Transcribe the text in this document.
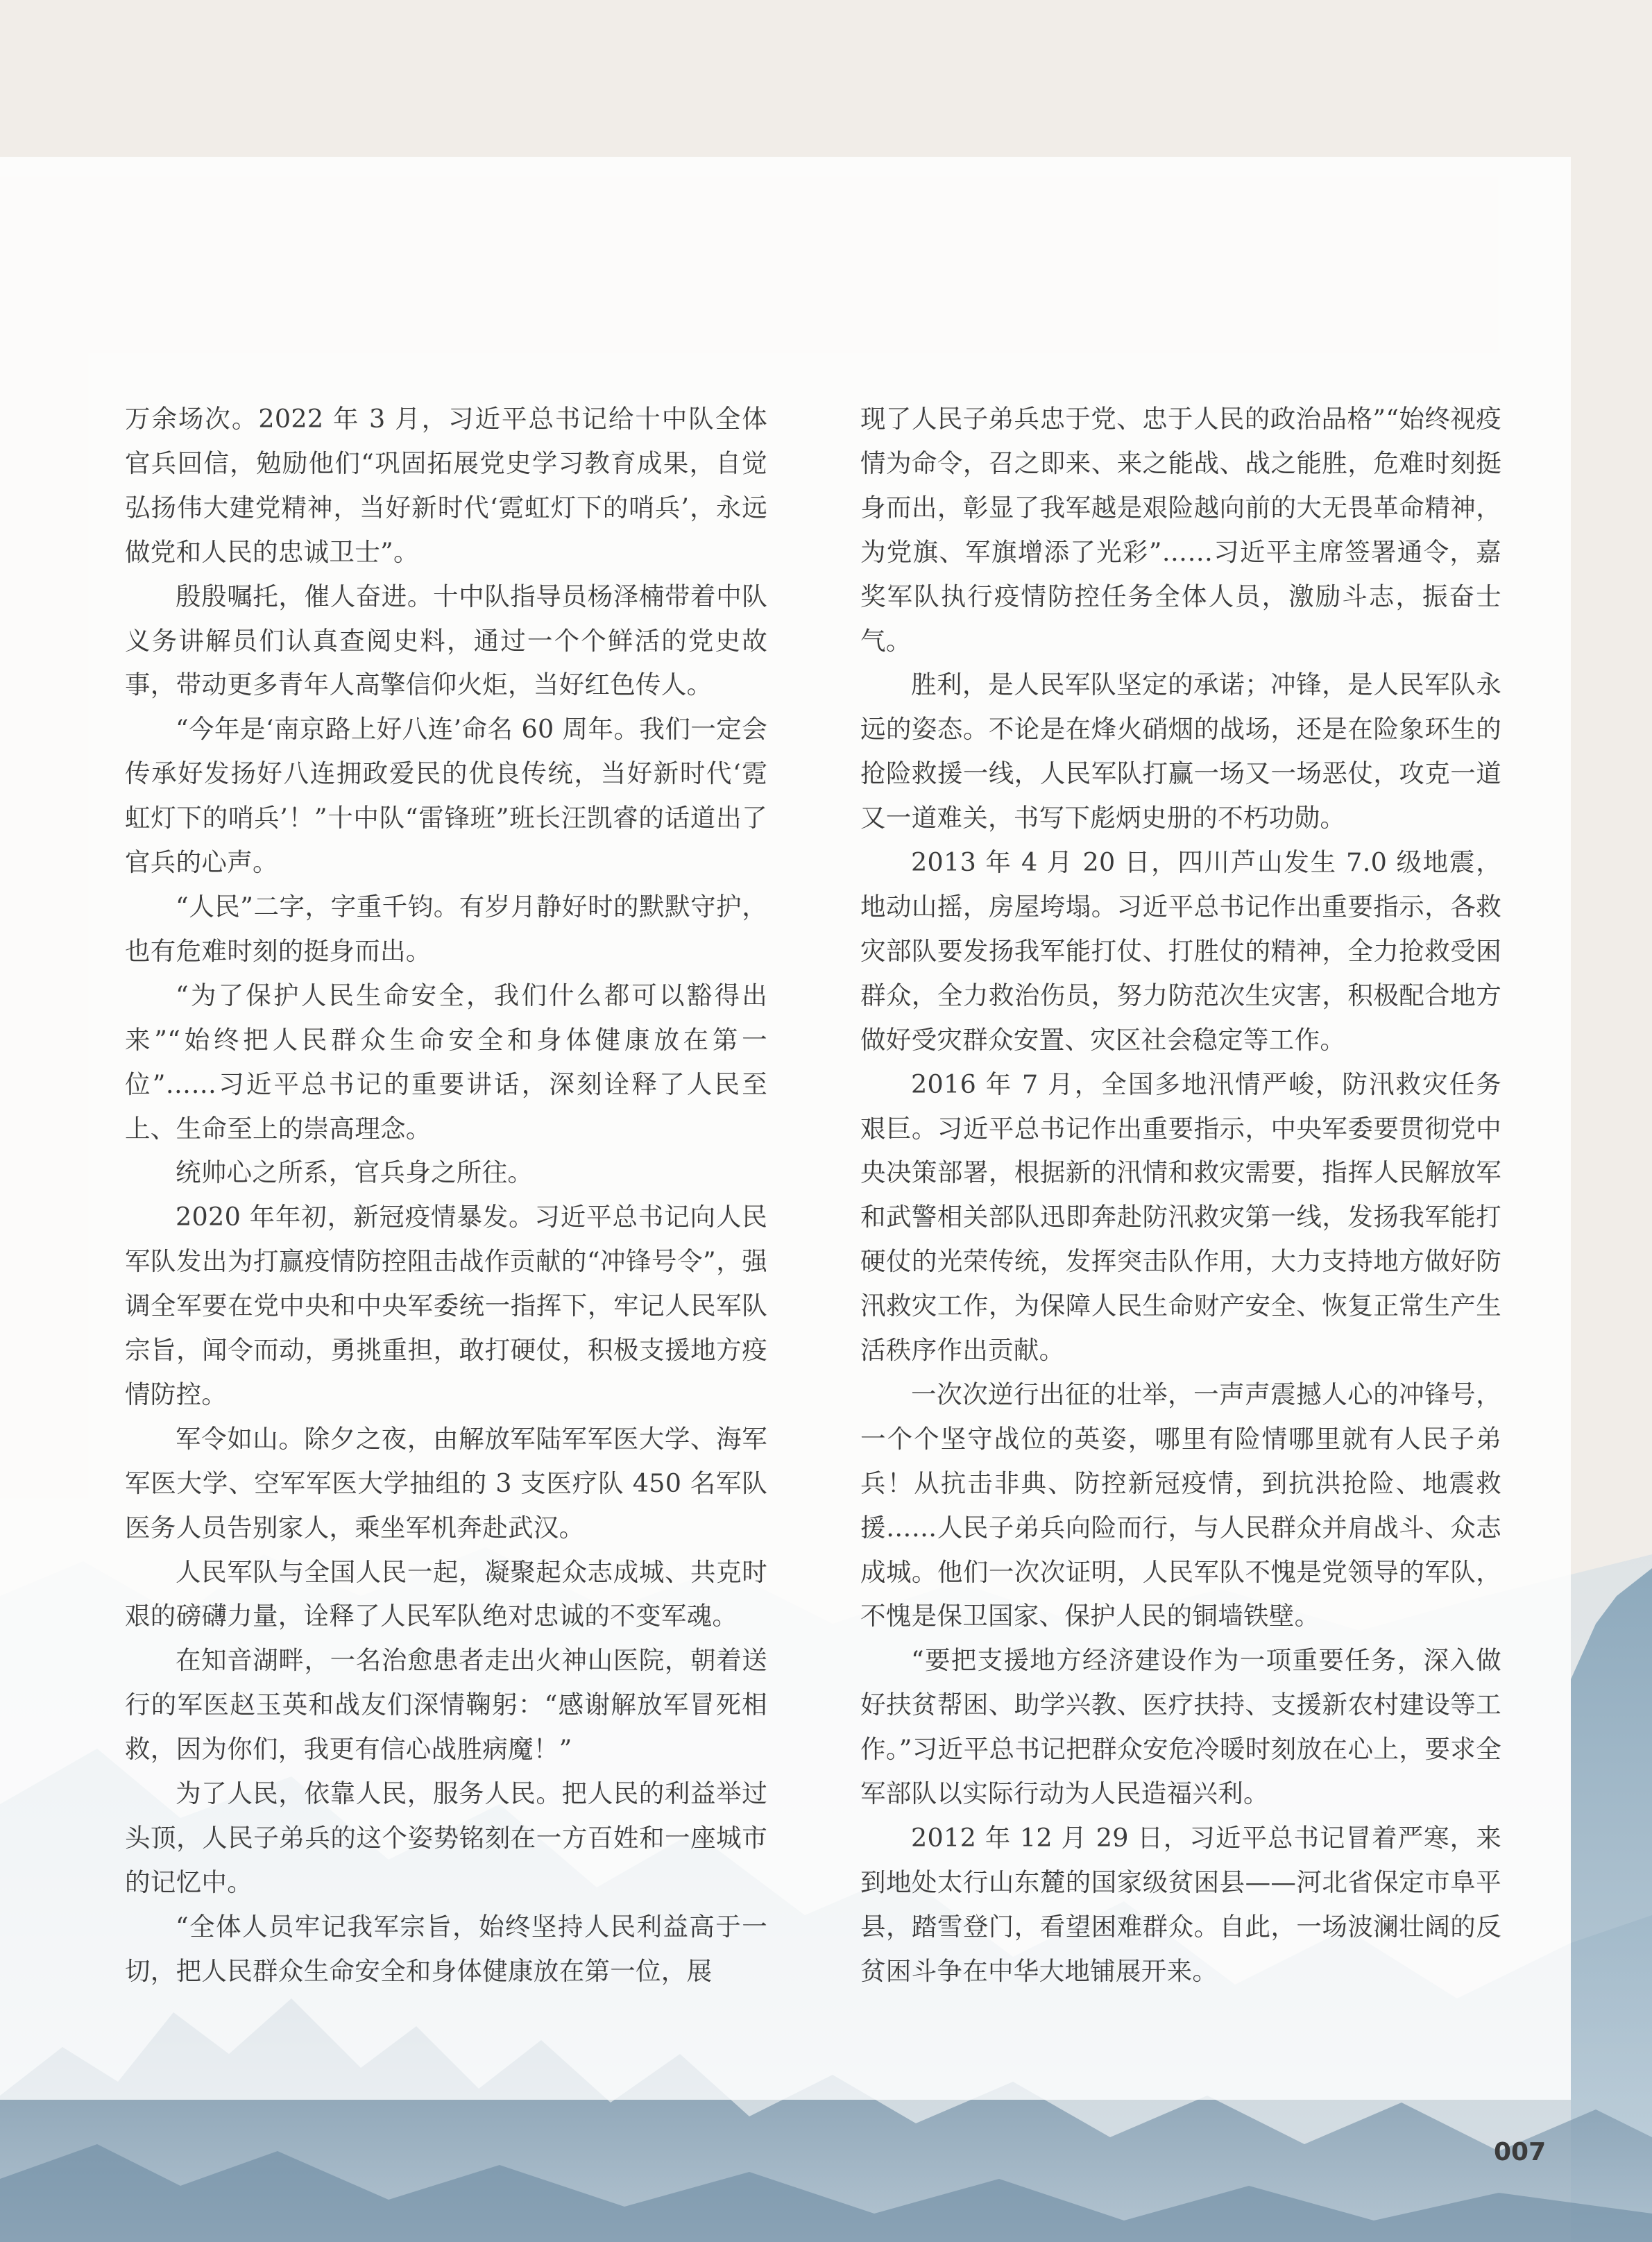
万余场次。2022 年 3 月，习近平总书记给十中队全体官兵回信，勉励他们“巩固拓展党史学习教育成果，自觉弘扬伟大建党精神，当好新时代‘霓虹灯下的哨兵’，永远做党和人民的忠诚卫士”。

殷殷嘱托，催人奋进。十中队指导员杨泽楠带着中队义务讲解员们认真查阅史料，通过一个个鲜活的党史故事，带动更多青年人高擎信仰火炬，当好红色传人。

“今年是‘南京路上好八连’命名 60 周年。我们一定会传承好发扬好八连拥政爱民的优良传统，当好新时代‘霓虹灯下的哨兵’！”十中队“雷锋班”班长汪凯睿的话道出了官兵的心声。

“人民”二字，字重千钧。有岁月静好时的默默守护，也有危难时刻的挺身而出。

“为了保护人民生命安全，我们什么都可以豁得出来”“始终把人民群众生命安全和身体健康放在第一位”……习近平总书记的重要讲话，深刻诠释了人民至上、生命至上的崇高理念。

统帅心之所系，官兵身之所往。

2020 年年初，新冠疫情暴发。习近平总书记向人民军队发出为打赢疫情防控阻击战作贡献的“冲锋号令”，强调全军要在党中央和中央军委统一指挥下，牢记人民军队宗旨，闻令而动，勇挑重担，敢打硬仗，积极支援地方疫情防控。

军令如山。除夕之夜，由解放军陆军军医大学、海军军医大学、空军军医大学抽组的 3 支医疗队 450 名军队医务人员告别家人，乘坐军机奔赴武汉。

人民军队与全国人民一起，凝聚起众志成城、共克时艰的磅礴力量，诠释了人民军队绝对忠诚的不变军魂。

在知音湖畔，一名治愈患者走出火神山医院，朝着送行的军医赵玉英和战友们深情鞠躬：“感谢解放军冒死相救，因为你们，我更有信心战胜病魔！”

为了人民，依靠人民，服务人民。把人民的利益举过头顶，人民子弟兵的这个姿势铭刻在一方百姓和一座城市的记忆中。

“全体人员牢记我军宗旨，始终坚持人民利益高于一切，把人民群众生命安全和身体健康放在第一位，展

现了人民子弟兵忠于党、忠于人民的政治品格”“始终视疫情为命令，召之即来、来之能战、战之能胜，危难时刻挺身而出，彰显了我军越是艰险越向前的大无畏革命精神，为党旗、军旗增添了光彩”……习近平主席签署通令，嘉奖军队执行疫情防控任务全体人员，激励斗志，振奋士气。

胜利，是人民军队坚定的承诺；冲锋，是人民军队永远的姿态。不论是在烽火硝烟的战场，还是在险象环生的抢险救援一线，人民军队打赢一场又一场恶仗，攻克一道又一道难关，书写下彪炳史册的不朽功勋。

2013 年 4 月 20 日，四川芦山发生 7.0 级地震，地动山摇，房屋垮塌。习近平总书记作出重要指示，各救灾部队要发扬我军能打仗、打胜仗的精神，全力抢救受困群众，全力救治伤员，努力防范次生灾害，积极配合地方做好受灾群众安置、灾区社会稳定等工作。

2016 年 7 月，全国多地汛情严峻，防汛救灾任务艰巨。习近平总书记作出重要指示，中央军委要贯彻党中央决策部署，根据新的汛情和救灾需要，指挥人民解放军和武警相关部队迅即奔赴防汛救灾第一线，发扬我军能打硬仗的光荣传统，发挥突击队作用，大力支持地方做好防汛救灾工作，为保障人民生命财产安全、恢复正常生产生活秩序作出贡献。

一次次逆行出征的壮举，一声声震撼人心的冲锋号，一个个坚守战位的英姿，哪里有险情哪里就有人民子弟兵！从抗击非典、防控新冠疫情，到抗洪抢险、地震救援……人民子弟兵向险而行，与人民群众并肩战斗、众志成城。他们一次次证明，人民军队不愧是党领导的军队，不愧是保卫国家、保护人民的铜墙铁壁。

“要把支援地方经济建设作为一项重要任务，深入做好扶贫帮困、助学兴教、医疗扶持、支援新农村建设等工作。”习近平总书记把群众安危冷暖时刻放在心上，要求全军部队以实际行动为人民造福兴利。

2012 年 12 月 29 日，习近平总书记冒着严寒，来到地处太行山东麓的国家级贫困县——河北省保定市阜平县，踏雪登门，看望困难群众。自此，一场波澜壮阔的反贫困斗争在中华大地铺展开来。

007
